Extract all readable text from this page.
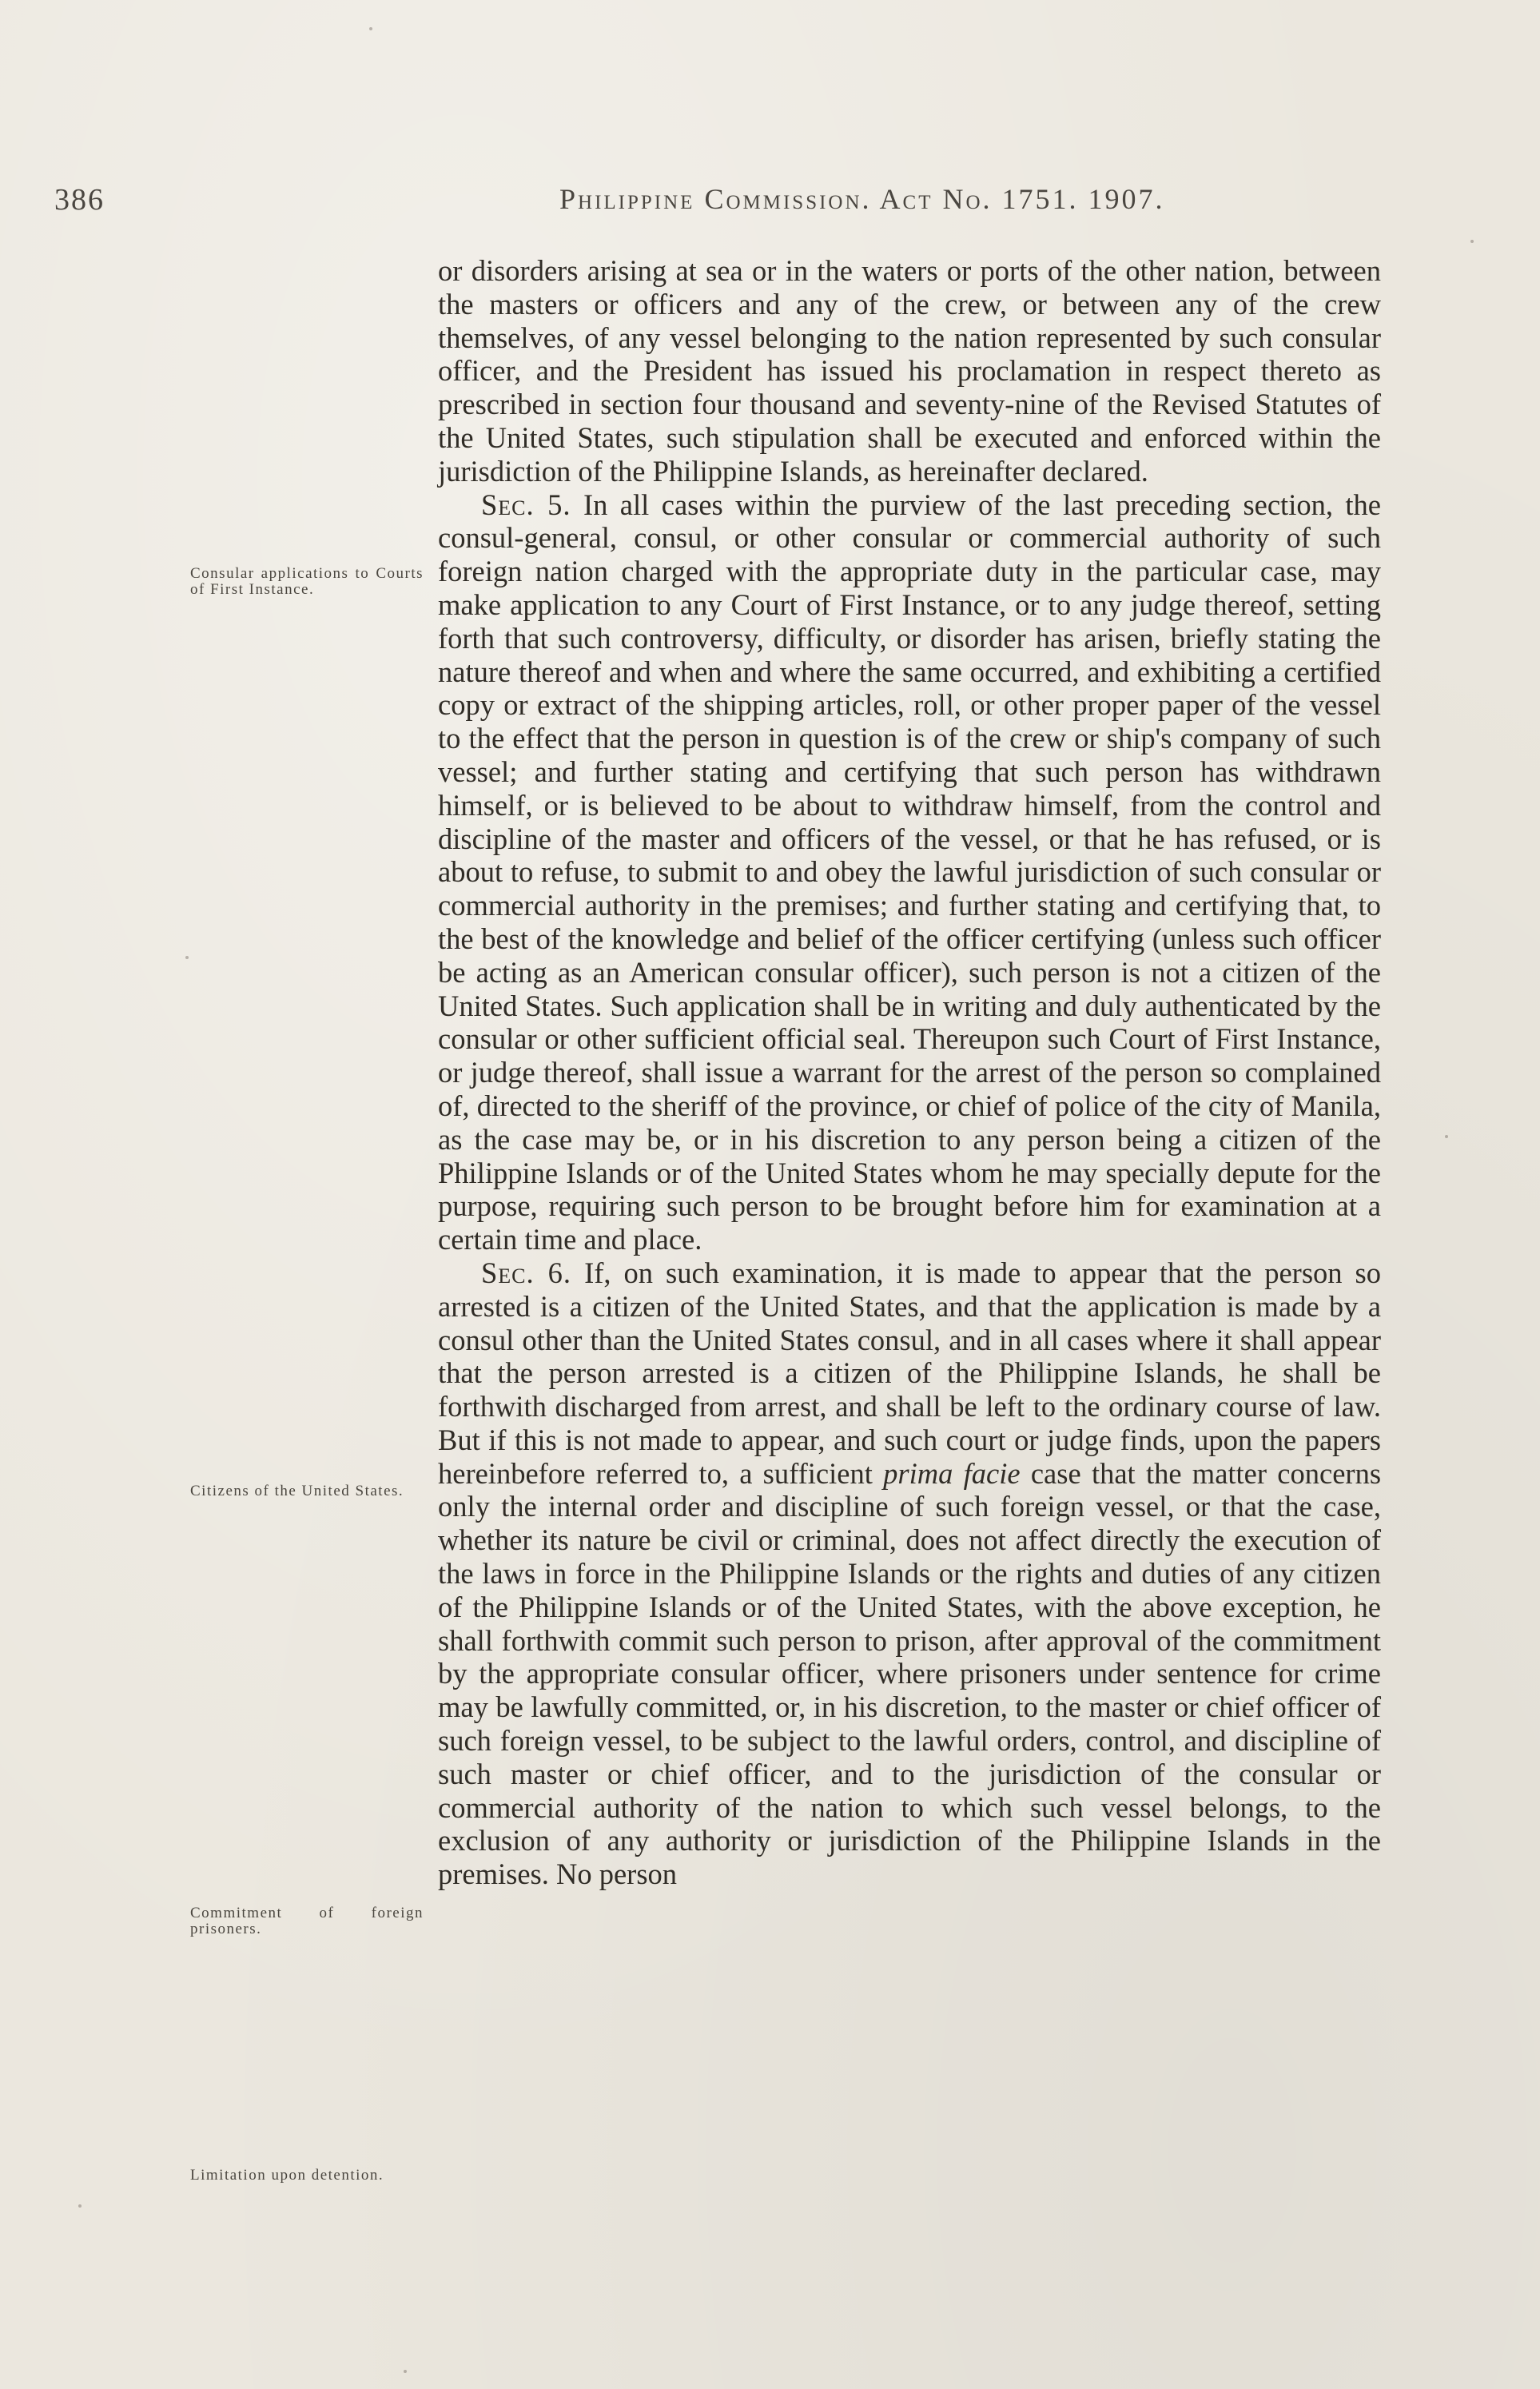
386	Philippine Commission. Act No. 1751. 1907.

or disorders arising at sea or in the waters or ports of the other nation, between the masters or officers and any of the crew, or between any of the crew themselves, of any vessel belonging to the nation represented by such consular officer, and the President has issued his proclamation in respect thereto as prescribed in section four thousand and seventy-nine of the Revised Statutes of the United States, such stipulation shall be executed and enforced within the jurisdiction of the Philippine Islands, as hereinafter declared.

Sec. 5. In all cases within the purview of the last preceding section, the consul-general, consul, or other consular or commercial authority of such foreign nation charged with the appropriate duty in the particular case, may make application to any Court of First Instance, or to any judge thereof, setting forth that such controversy, difficulty, or disorder has arisen, briefly stating the nature thereof and when and where the same occurred, and exhibiting a certified copy or extract of the shipping articles, roll, or other proper paper of the vessel to the effect that the person in question is of the crew or ship's company of such vessel; and further stating and certifying that such person has withdrawn himself, or is believed to be about to withdraw himself, from the control and discipline of the master and officers of the vessel, or that he has refused, or is about to refuse, to submit to and obey the lawful jurisdiction of such consular or commercial authority in the premises; and further stating and certifying that, to the best of the knowledge and belief of the officer certifying (unless such officer be acting as an American consular officer), such person is not a citizen of the United States. Such application shall be in writing and duly authenticated by the consular or other sufficient official seal. Thereupon such Court of First Instance, or judge thereof, shall issue a warrant for the arrest of the person so complained of, directed to the sheriff of the province, or chief of police of the city of Manila, as the case may be, or in his discretion to any person being a citizen of the Philippine Islands or of the United States whom he may specially depute for the purpose, requiring such person to be brought before him for examination at a certain time and place.

Sec. 6. If, on such examination, it is made to appear that the person so arrested is a citizen of the United States, and that the application is made by a consul other than the United States consul, and in all cases where it shall appear that the person arrested is a citizen of the Philippine Islands, he shall be forthwith discharged from arrest, and shall be left to the ordinary course of law. But if this is not made to appear, and such court or judge finds, upon the papers hereinbefore referred to, a sufficient prima facie case that the matter concerns only the internal order and discipline of such foreign vessel, or that the case, whether its nature be civil or criminal, does not affect directly the execution of the laws in force in the Philippine Islands or the rights and duties of any citizen of the Philippine Islands or of the United States, with the above exception, he shall forthwith commit such person to prison, after approval of the commitment by the appropriate consular officer, where prisoners under sentence for crime may be lawfully committed, or, in his discretion, to the master or chief officer of such foreign vessel, to be subject to the lawful orders, control, and discipline of such master or chief officer, and to the jurisdiction of the consular or commercial authority of the nation to which such vessel belongs, to the exclusion of any authority or jurisdiction of the Philippine Islands in the premises. No person

Consular applications to Courts of First Instance.
Citizens of the United States.
Commitment of foreign prisoners.
Limitation upon detention.
